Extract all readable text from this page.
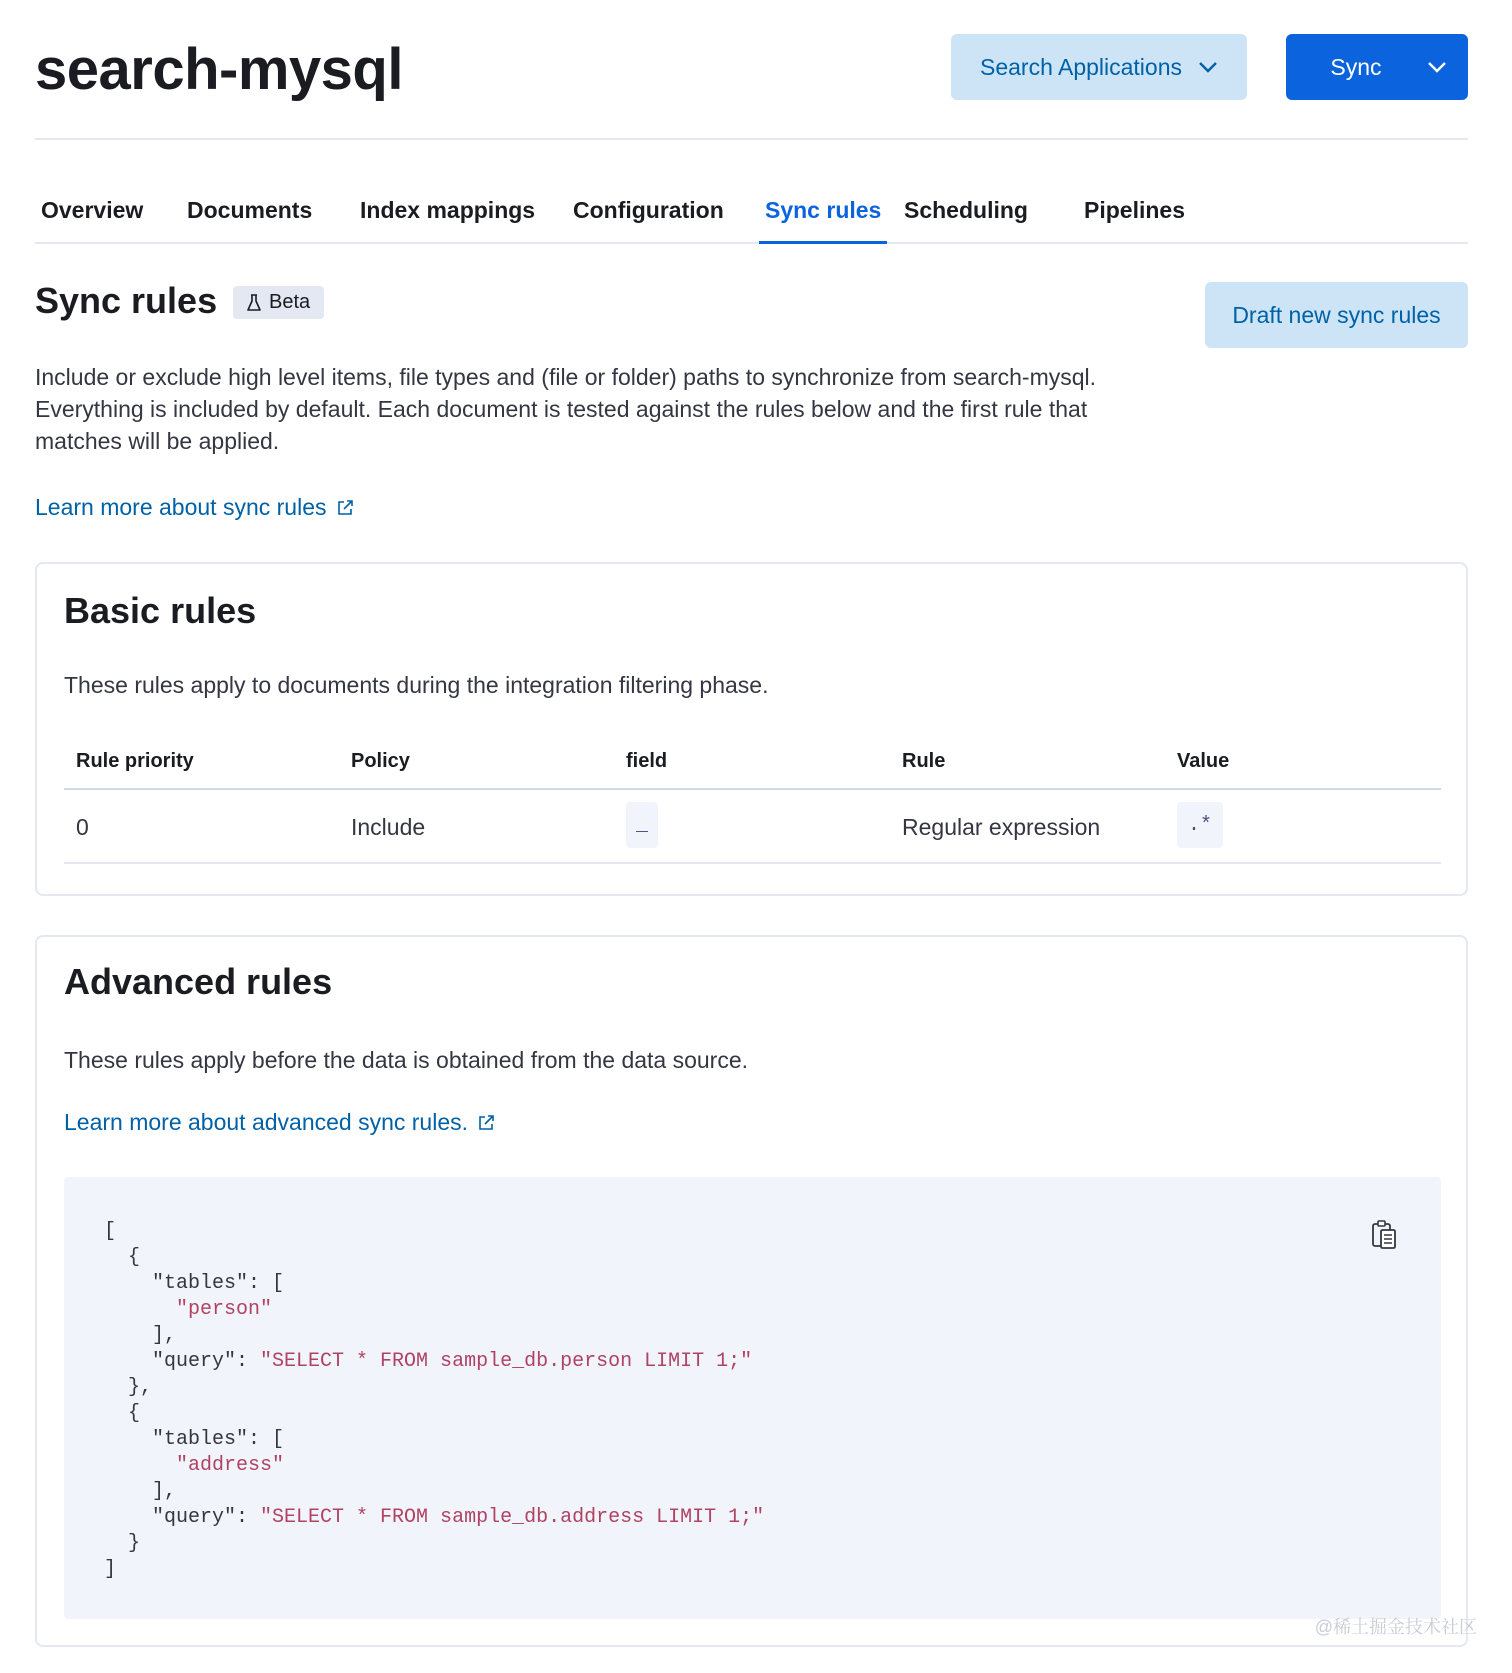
search-mysql	Search Applications	Sync
Overview Documents Index mappings Configuration Sync rules Scheduling Pipelines
Sync rules	Beta	Draft new sync rules
Include or exclude high level items, file types and (file or folder) paths to synchronize from search-mysql.
Everything is included by default. Each document is tested against the rules below and the first rule that
matches will be applied.
Learn more about sync rules
Basic rules
These rules apply to documents during the integration filtering phase.
Rule priority	Policy	field	Rule	Value
0	Include	_	Regular expression	.*
Advanced rules
These rules apply before the data is obtained from the data source.
Learn more about advanced sync rules.
[
{
"tables": [
"person"
],
"query": "SELECT * FROM sample_db.person LIMIT 1;"
},
{
"tables": [
"address"
],
"query": "SELECT * FROM sample_db.address LIMIT 1;"
}
]
@稀土掘金技术社区
